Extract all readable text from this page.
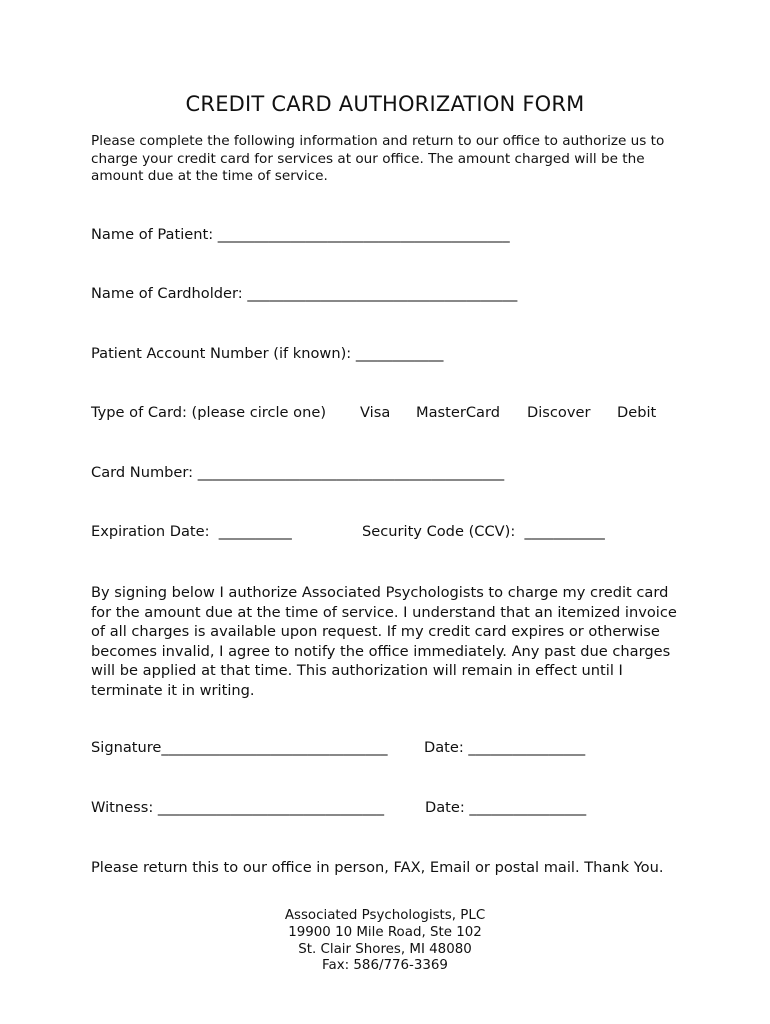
CREDIT CARD AUTHORIZATION FORM
Please complete the following information and return to our office to authorize us to charge your credit card for services at our office. The amount charged will be the amount due at the time of service.
Name of Patient: ________________________________________
Name of Cardholder: _____________________________________
Patient Account Number (if known): ____________
Type of Card: (please circle one) Visa MasterCard Discover Debit
Card Number: __________________________________________
Expiration Date:  __________	Security Code (CCV):  ___________
By signing below I authorize Associated Psychologists to charge my credit card for the amount due at the time of service. I understand that an itemized invoice of all charges is available upon request. If my credit card expires or otherwise becomes invalid, I agree to notify the office immediately. Any past due charges will be applied at that time. This authorization will remain in effect until I terminate it in writing.
Signature_______________________________ Date: ________________
Witness: _______________________________	Date: ________________
Please return this to our office in person, FAX, Email or postal mail. Thank You.
Associated Psychologists, PLC
19900 10 Mile Road, Ste 102
St. Clair Shores, MI 48080
Fax: 586/776-3369
